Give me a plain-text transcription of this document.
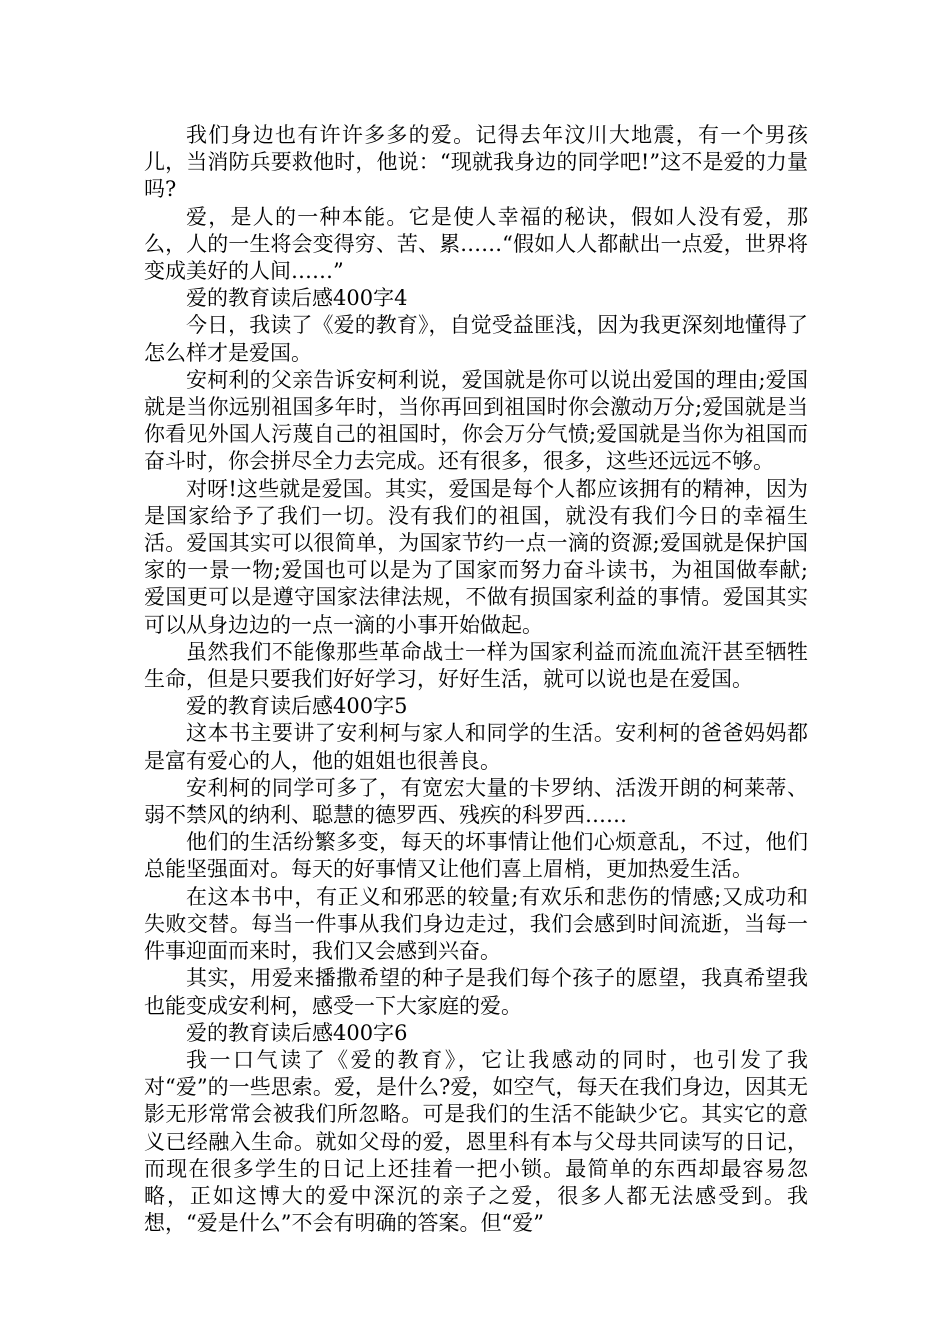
我们身边也有许许多多的爱。记得去年汶川大地震，有一个男孩儿，当消防兵要救他时，他说：“现就我身边的同学吧!”这不是爱的力量吗?

爱，是人的一种本能。它是使人幸福的秘诀，假如人没有爱，那么，人的一生将会变得穷、苦、累……“假如人人都献出一点爱，世界将变成美好的人间……”

爱的教育读后感400字4

今日，我读了《爱的教育》，自觉受益匪浅，因为我更深刻地懂得了怎么样才是爱国。

安柯利的父亲告诉安柯利说，爱国就是你可以说出爱国的理由;爱国就是当你远别祖国多年时，当你再回到祖国时你会激动万分;爱国就是当你看见外国人污蔑自己的祖国时，你会万分气愤;爱国就是当你为祖国而奋斗时，你会拼尽全力去完成。还有很多，很多，这些还远远不够。

对呀!这些就是爱国。其实，爱国是每个人都应该拥有的精神，因为是国家给予了我们一切。没有我们的祖国，就没有我们今日的幸福生活。爱国其实可以很简单，为国家节约一点一滴的资源;爱国就是保护国家的一景一物;爱国也可以是为了国家而努力奋斗读书，为祖国做奉献;爱国更可以是遵守国家法律法规，不做有损国家利益的事情。爱国其实可以从身边边的一点一滴的小事开始做起。

虽然我们不能像那些革命战士一样为国家利益而流血流汗甚至牺牲生命，但是只要我们好好学习，好好生活，就可以说也是在爱国。

爱的教育读后感400字5

这本书主要讲了安利柯与家人和同学的生活。安利柯的爸爸妈妈都是富有爱心的人，他的姐姐也很善良。

安利柯的同学可多了，有宽宏大量的卡罗纳、活泼开朗的柯莱蒂、弱不禁风的纳利、聪慧的德罗西、残疾的科罗西……

他们的生活纷繁多变，每天的坏事情让他们心烦意乱，不过，他们总能坚强面对。每天的好事情又让他们喜上眉梢，更加热爱生活。

在这本书中，有正义和邪恶的较量;有欢乐和悲伤的情感;又成功和失败交替。每当一件事从我们身边走过，我们会感到时间流逝，当每一件事迎面而来时，我们又会感到兴奋。

其实，用爱来播撒希望的种子是我们每个孩子的愿望，我真希望我也能变成安利柯，感受一下大家庭的爱。

爱的教育读后感400字6

我一口气读了《爱的教育》，它让我感动的同时，也引发了我对“爱”的一些思索。爱，是什么?爱，如空气，每天在我们身边，因其无影无形常常会被我们所忽略。可是我们的生活不能缺少它。其实它的意义已经融入生命。就如父母的爱，恩里科有本与父母共同读写的日记，而现在很多学生的日记上还挂着一把小锁。最简单的东西却最容易忽略，正如这博大的爱中深沉的亲子之爱，很多人都无法感受到。我想，“爱是什么”不会有明确的答案。但“爱”
